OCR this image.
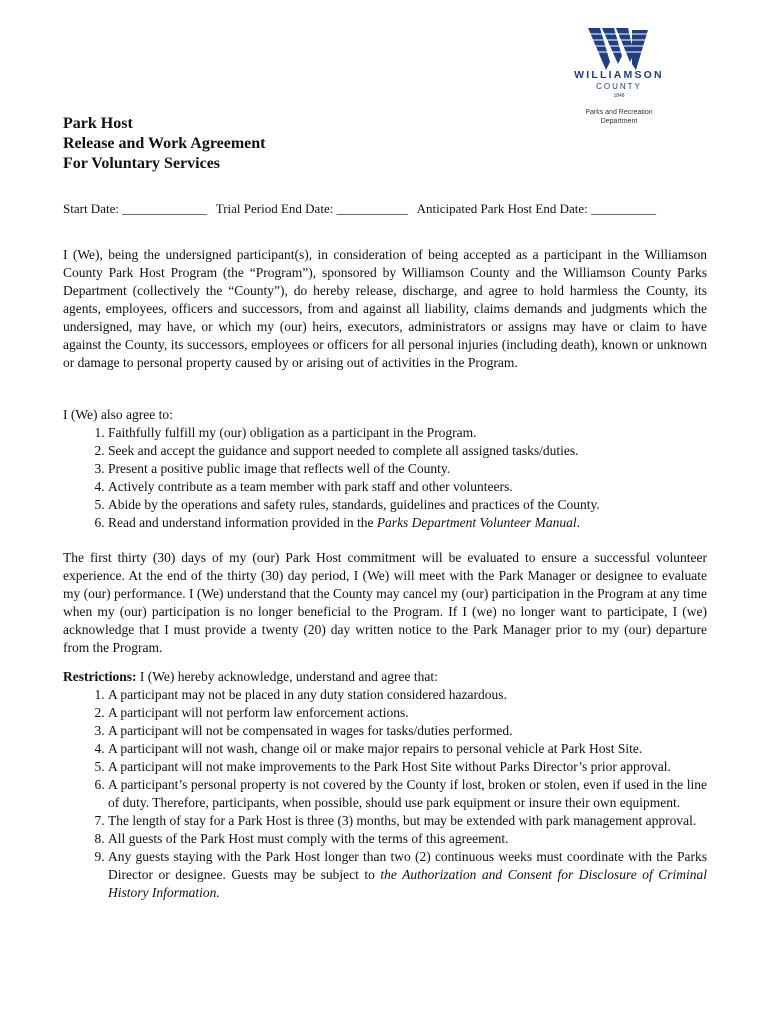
WILLIAMSON
COUNTY
1848
Parks and Recreation
Department
Park Host
Release and Work Agreement
For Voluntary Services
Start Date: _____________ Trial Period End Date: ___________ Anticipated Park Host End Date: __________
I (We), being the undersigned participant(s), in consideration of being accepted as a participant in the Williamson County Park Host Program (the “Program”), sponsored by Williamson County and the Williamson County Parks Department (collectively the “County”), do hereby release, discharge, and agree to hold harmless the County, its agents, employees, officers and successors, from and against all liability, claims demands and judgments which the undersigned, may have, or which my (our) heirs, executors, administrators or assigns may have or claim to have against the County, its successors, employees or officers for all personal injuries (including death), known or unknown or damage to personal property caused by or arising out of activities in the Program.
I (We) also agree to:
1. Faithfully fulfill my (our) obligation as a participant in the Program.
2. Seek and accept the guidance and support needed to complete all assigned tasks/duties.
3. Present a positive public image that reflects well of the County.
4. Actively contribute as a team member with park staff and other volunteers.
5. Abide by the operations and safety rules, standards, guidelines and practices of the County.
6. Read and understand information provided in the Parks Department Volunteer Manual.
The first thirty (30) days of my (our) Park Host commitment will be evaluated to ensure a successful volunteer experience. At the end of the thirty (30) day period, I (We) will meet with the Park Manager or designee to evaluate my (our) performance. I (We) understand that the County may cancel my (our) participation in the Program at any time when my (our) participation is no longer beneficial to the Program. If I (we) no longer want to participate, I (we) acknowledge that I must provide a twenty (20) day written notice to the Park Manager prior to my (our) departure from the Program.
Restrictions: I (We) hereby acknowledge, understand and agree that:
1. A participant may not be placed in any duty station considered hazardous.
2. A participant will not perform law enforcement actions.
3. A participant will not be compensated in wages for tasks/duties performed.
4. A participant will not wash, change oil or make major repairs to personal vehicle at Park Host Site.
5. A participant will not make improvements to the Park Host Site without Parks Director’s prior approval.
6. A participant’s personal property is not covered by the County if lost, broken or stolen, even if used in the line of duty. Therefore, participants, when possible, should use park equipment or insure their own equipment.
7. The length of stay for a Park Host is three (3) months, but may be extended with park management approval.
8. All guests of the Park Host must comply with the terms of this agreement.
9. Any guests staying with the Park Host longer than two (2) continuous weeks must coordinate with the Parks Director or designee. Guests may be subject to the Authorization and Consent for Disclosure of Criminal History Information.
